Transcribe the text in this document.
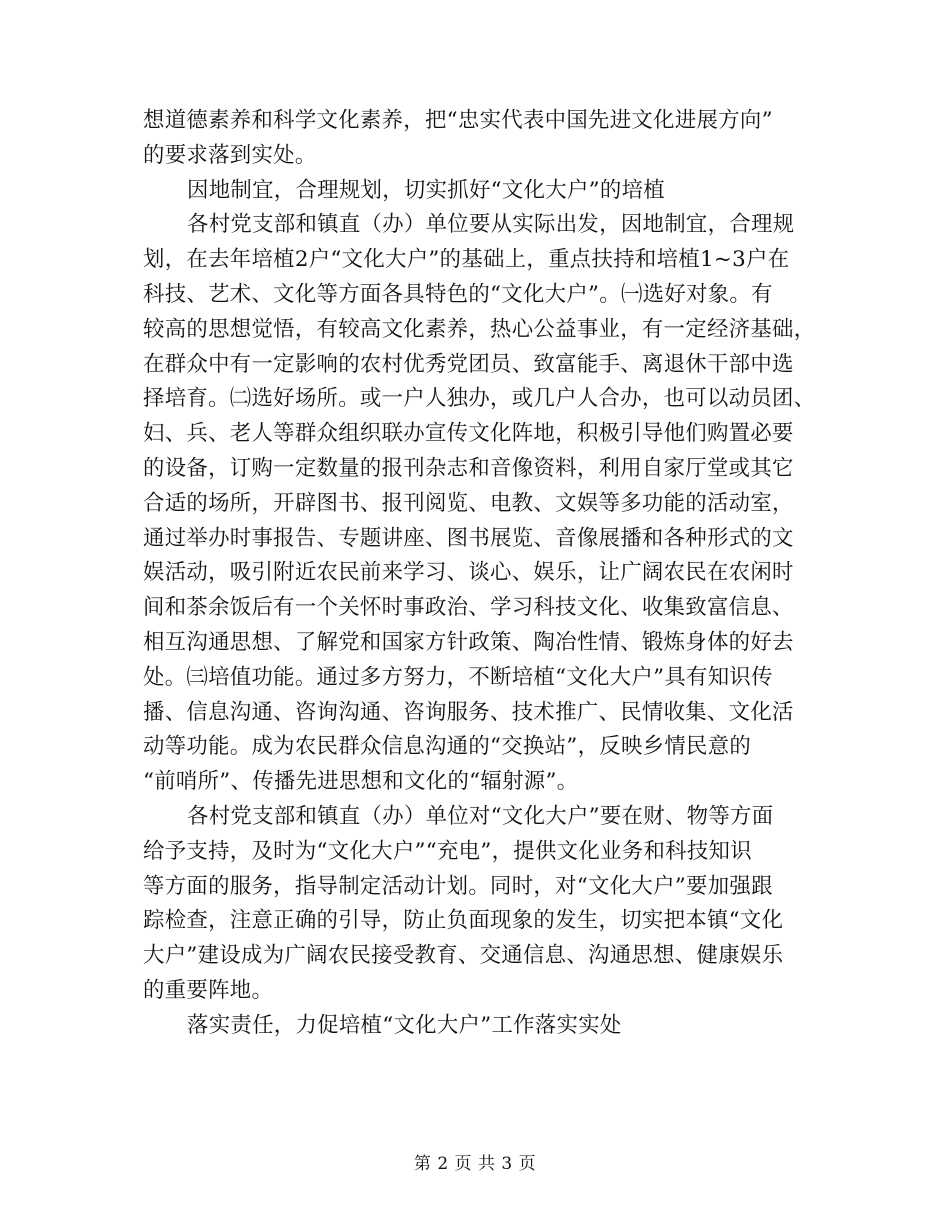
想道德素养和科学文化素养，把“忠实代表中国先进文化进展方向”
的要求落到实处。
因地制宜，合理规划，切实抓好“文化大户”的培植
各村党支部和镇直（办）单位要从实际出发，因地制宜，合理规
划，在去年培植2户“文化大户”的基础上，重点扶持和培植1~3户在
科技、艺术、文化等方面各具特色的“文化大户”。㈠选好对象。有
较高的思想觉悟，有较高文化素养，热心公益事业，有一定经济基础，
在群众中有一定影响的农村优秀党团员、致富能手、离退休干部中选
择培育。㈡选好场所。或一户人独办，或几户人合办，也可以动员团、
妇、兵、老人等群众组织联办宣传文化阵地，积极引导他们购置必要
的设备，订购一定数量的报刊杂志和音像资料，利用自家厅堂或其它
合适的场所，开辟图书、报刊阅览、电教、文娱等多功能的活动室，
通过举办时事报告、专题讲座、图书展览、音像展播和各种形式的文
娱活动，吸引附近农民前来学习、谈心、娱乐，让广阔农民在农闲时
间和茶余饭后有一个关怀时事政治、学习科技文化、收集致富信息、
相互沟通思想、了解党和国家方针政策、陶冶性情、锻炼身体的好去
处。㈢培值功能。通过多方努力，不断培植“文化大户”具有知识传
播、信息沟通、咨询沟通、咨询服务、技术推广、民情收集、文化活
动等功能。成为农民群众信息沟通的“交换站”，反映乡情民意的
“前哨所”、传播先进思想和文化的“辐射源”。
各村党支部和镇直（办）单位对“文化大户”要在财、物等方面
给予支持，及时为“文化大户”“充电”，提供文化业务和科技知识
等方面的服务，指导制定活动计划。同时，对“文化大户”要加强跟
踪检查，注意正确的引导，防止负面现象的发生，切实把本镇“文化
大户”建设成为广阔农民接受教育、交通信息、沟通思想、健康娱乐
的重要阵地。
落实责任，力促培植“文化大户”工作落实实处
第 2 页 共 3 页
